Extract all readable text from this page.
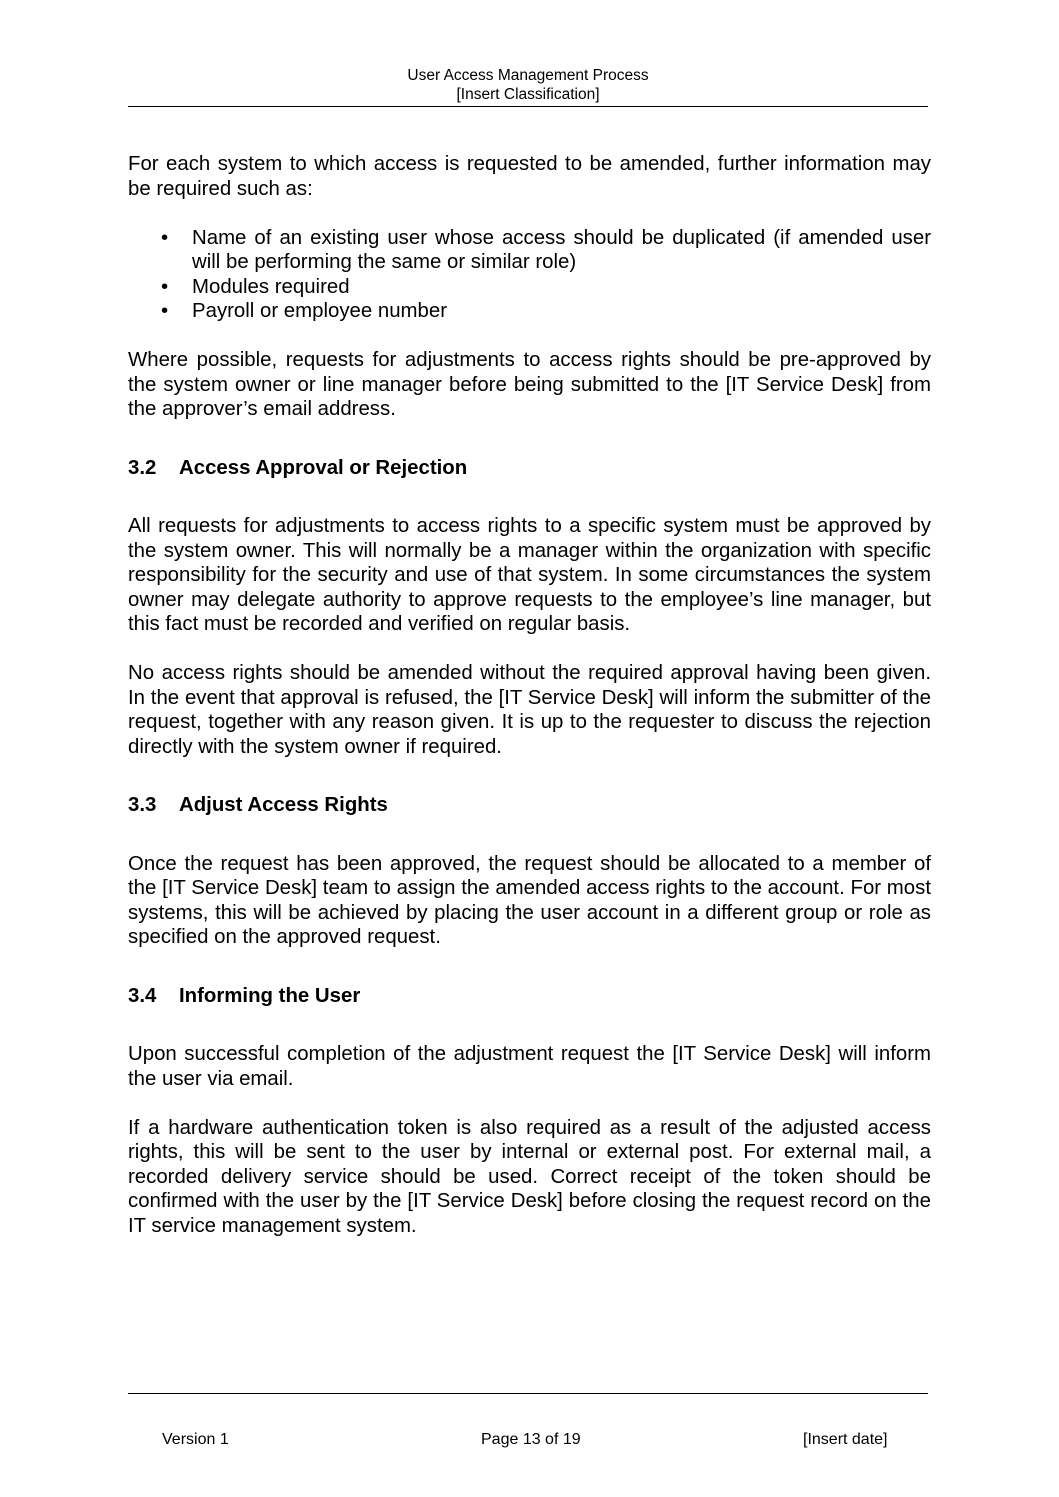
User Access Management Process
[Insert Classification]

For each system to which access is requested to be amended, further information may be required such as:

• Name of an existing user whose access should be duplicated (if amended user will be performing the same or similar role)
• Modules required
• Payroll or employee number

Where possible, requests for adjustments to access rights should be pre-approved by the system owner or line manager before being submitted to the [IT Service Desk] from the approver’s email address.

3.2 Access Approval or Rejection

All requests for adjustments to access rights to a specific system must be approved by the system owner. This will normally be a manager within the organization with specific responsibility for the security and use of that system. In some circumstances the system owner may delegate authority to approve requests to the employee’s line manager, but this fact must be recorded and verified on regular basis.

No access rights should be amended without the required approval having been given. In the event that approval is refused, the [IT Service Desk] will inform the submitter of the request, together with any reason given. It is up to the requester to discuss the rejection directly with the system owner if required.

3.3 Adjust Access Rights

Once the request has been approved, the request should be allocated to a member of the [IT Service Desk] team to assign the amended access rights to the account. For most systems, this will be achieved by placing the user account in a different group or role as specified on the approved request.

3.4 Informing the User

Upon successful completion of the adjustment request the [IT Service Desk] will inform the user via email.

If a hardware authentication token is also required as a result of the adjusted access rights, this will be sent to the user by internal or external post. For external mail, a recorded delivery service should be used. Correct receipt of the token should be confirmed with the user by the [IT Service Desk] before closing the request record on the IT service management system.

Version 1	Page 13 of 19	[Insert date]
